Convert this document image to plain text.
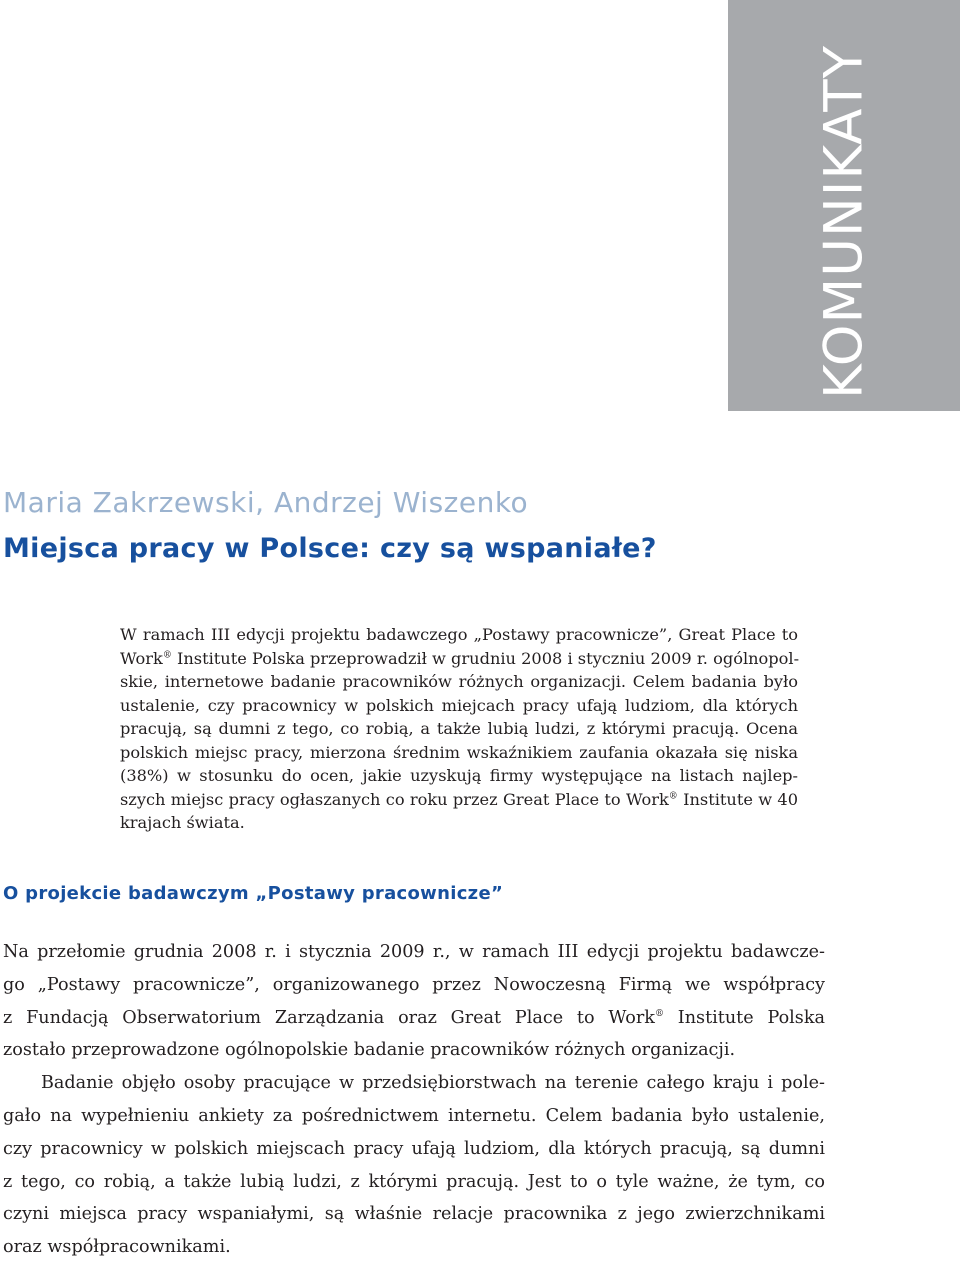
KOMUNIKATY
Maria Zakrzewski, Andrzej Wiszenko
Miejsca pracy w Polsce: czy są wspaniałe?
W ramach III edycji projektu badawczego „Postawy pracownicze”, Great Place to
Work® Institute Polska przeprowadził w grudniu 2008 i styczniu 2009 r. ogólnopol-
skie, internetowe badanie pracowników różnych organizacji. Celem badania było
ustalenie, czy pracownicy w polskich miejcach pracy ufają ludziom, dla których
pracują, są dumni z tego, co robią, a także lubią ludzi, z którymi pracują. Ocena
polskich miejsc pracy, mierzona średnim wskaźnikiem zaufania okazała się niska
(38%) w stosunku do ocen, jakie uzyskują firmy występujące na listach najlep-
szych miejsc pracy ogłaszanych co roku przez Great Place to Work® Institute w 40
krajach świata.
O projekcie badawczym „Postawy pracownicze”

Na przełomie grudnia 2008 r. i stycznia 2009 r., w ramach III edycji projektu badawcze-
go „Postawy pracownicze”, organizowanego przez Nowoczesną Firmą we współpracy
z Fundacją Obserwatorium Zarządzania oraz Great Place to Work® Institute Polska
zostało przeprowadzone ogólnopolskie badanie pracowników różnych organizacji.

Badanie objęło osoby pracujące w przedsiębiorstwach na terenie całego kraju i pole-
gało na wypełnieniu ankiety za pośrednictwem internetu. Celem badania było ustalenie,
czy pracownicy w polskich miejscach pracy ufają ludziom, dla których pracują, są dumni
z tego, co robią, a także lubią ludzi, z którymi pracują. Jest to o tyle ważne, że tym, co
czyni miejsca pracy wspaniałymi, są właśnie relacje pracownika z jego zwierzchnikami
oraz współpracownikami.
